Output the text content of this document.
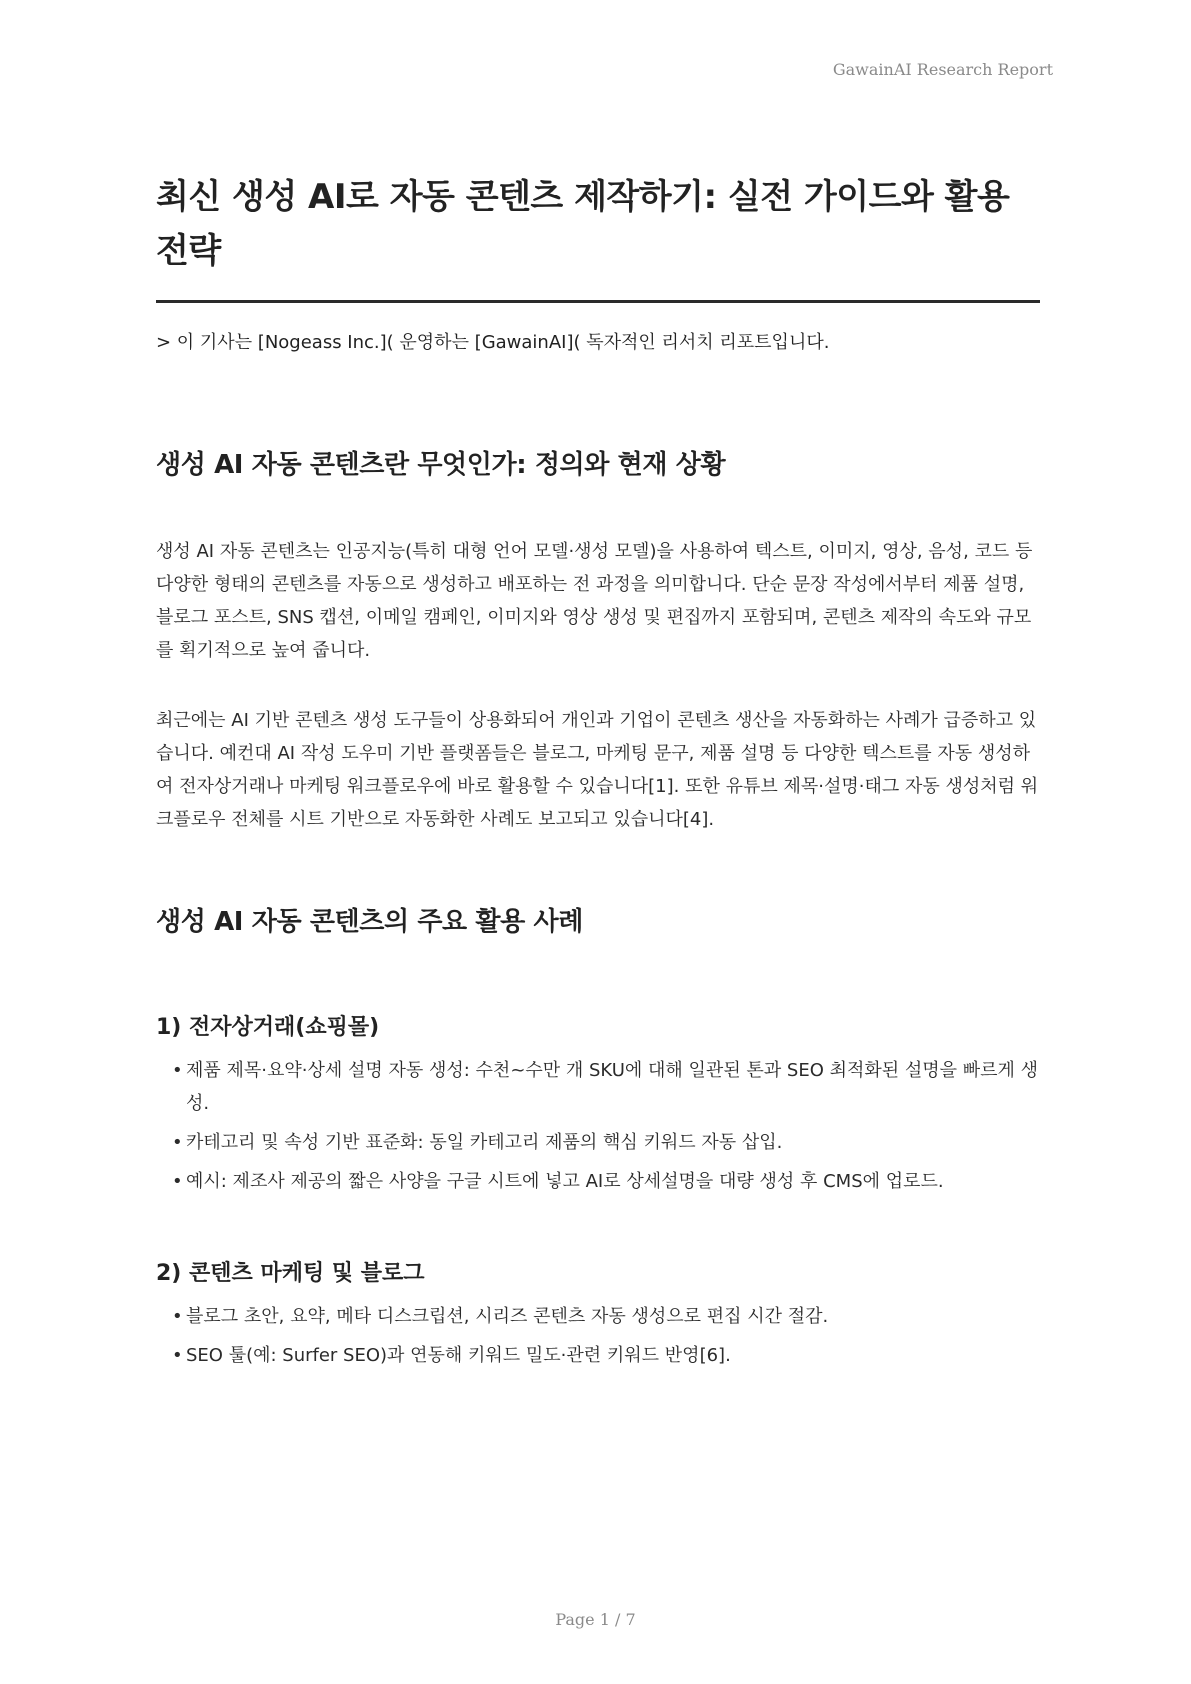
GawainAI Research Report
최신 생성 AI로 자동 콘텐츠 제작하기: 실전 가이드와 활용 전략
> 이 기사는 [Nogeass Inc.]( 운영하는 [GawainAI]( 독자적인 리서치 리포트입니다.
생성 AI 자동 콘텐츠란 무엇인가: 정의와 현재 상황

생성 AI 자동 콘텐츠는 인공지능(특히 대형 언어 모델·생성 모델)을 사용하여 텍스트, 이미지, 영상, 음성, 코드 등 다양한 형태의 콘텐츠를 자동으로 생성하고 배포하는 전 과정을 의미합니다. 단순 문장 작성에서부터 제품 설명, 블로그 포스트, SNS 캡션, 이메일 캠페인, 이미지와 영상 생성 및 편집까지 포함되며, 콘텐츠 제작의 속도와 규모를 획기적으로 높여 줍니다.

최근에는 AI 기반 콘텐츠 생성 도구들이 상용화되어 개인과 기업이 콘텐츠 생산을 자동화하는 사례가 급증하고 있습니다. 예컨대 AI 작성 도우미 기반 플랫폼들은 블로그, 마케팅 문구, 제품 설명 등 다양한 텍스트를 자동 생성하여 전자상거래나 마케팅 워크플로우에 바로 활용할 수 있습니다[1]. 또한 유튜브 제목·설명·태그 자동 생성처럼 워크플로우 전체를 시트 기반으로 자동화한 사례도 보고되고 있습니다[4].

생성 AI 자동 콘텐츠의 주요 활용 사례
1) 전자상거래(쇼핑몰)
• 제품 제목·요약·상세 설명 자동 생성: 수천~수만 개 SKU에 대해 일관된 톤과 SEO 최적화된 설명을 빠르게 생성.
• 카테고리 및 속성 기반 표준화: 동일 카테고리 제품의 핵심 키워드 자동 삽입.
• 예시: 제조사 제공의 짧은 사양을 구글 시트에 넣고 AI로 상세설명을 대량 생성 후 CMS에 업로드.
2) 콘텐츠 마케팅 및 블로그
• 블로그 초안, 요약, 메타 디스크립션, 시리즈 콘텐츠 자동 생성으로 편집 시간 절감.
• SEO 툴(예: Surfer SEO)과 연동해 키워드 밀도·관련 키워드 반영[6].
Page 1 / 7
